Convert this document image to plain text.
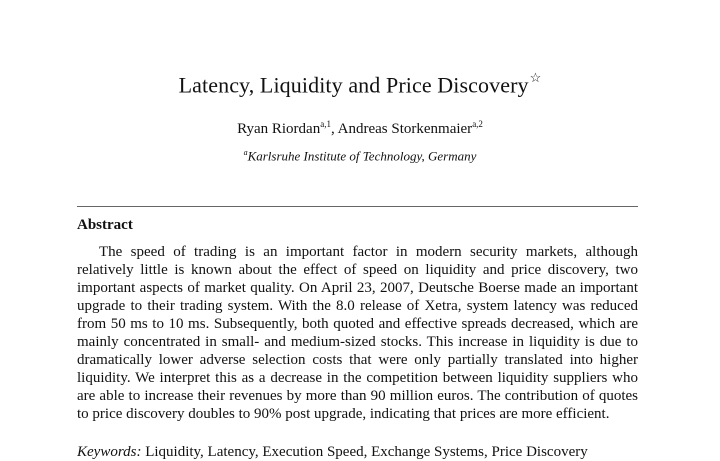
Latency, Liquidity and Price Discovery☆
Ryan Riordan$^{a,1}$, Andreas Storkenmaier$^{a,2}$
$^a$Karlsruhe Institute of Technology, Germany
Abstract

The speed of trading is an important factor in modern security markets, although relatively little is known about the effect of speed on liquidity and price discovery, two important aspects of market quality. On April 23, 2007, Deutsche Boerse made an important upgrade to their trading system. With the 8.0 release of Xetra, system latency was reduced from 50 ms to 10 ms. Subsequently, both quoted and effective spreads decreased, which are mainly concentrated in small- and medium-sized stocks. This increase in liquidity is due to dramatically lower adverse selection costs that were only partially translated into higher liquidity. We interpret this as a decrease in the competition between liquidity suppliers who are able to increase their revenues by more than 90 million euros. The contribution of quotes to price discovery doubles to 90% post upgrade, indicating that prices are more efficient.

Keywords: Liquidity, Latency, Execution Speed, Exchange Systems, Price Discovery
